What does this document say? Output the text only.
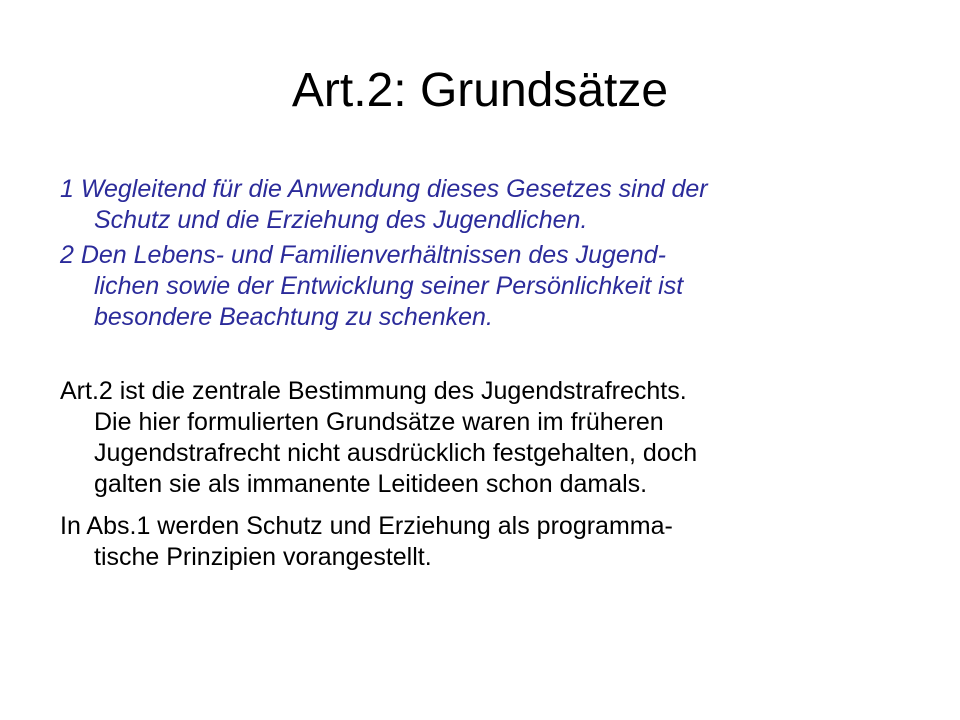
Art.2: Grundsätze

1 Wegleitend für die Anwendung dieses Gesetzes sind der
Schutz und die Erziehung des Jugendlichen.

2 Den Lebens- und Familienverhältnissen des Jugend-
lichen sowie der Entwicklung seiner Persönlichkeit ist
besondere Beachtung zu schenken.

Art.2 ist die zentrale Bestimmung des Jugendstrafrechts.
Die hier formulierten Grundsätze waren im früheren
Jugendstrafrecht nicht ausdrücklich festgehalten, doch
galten sie als immanente Leitideen schon damals.

In Abs.1 werden Schutz und Erziehung als programma-
tische Prinzipien vorangestellt.
